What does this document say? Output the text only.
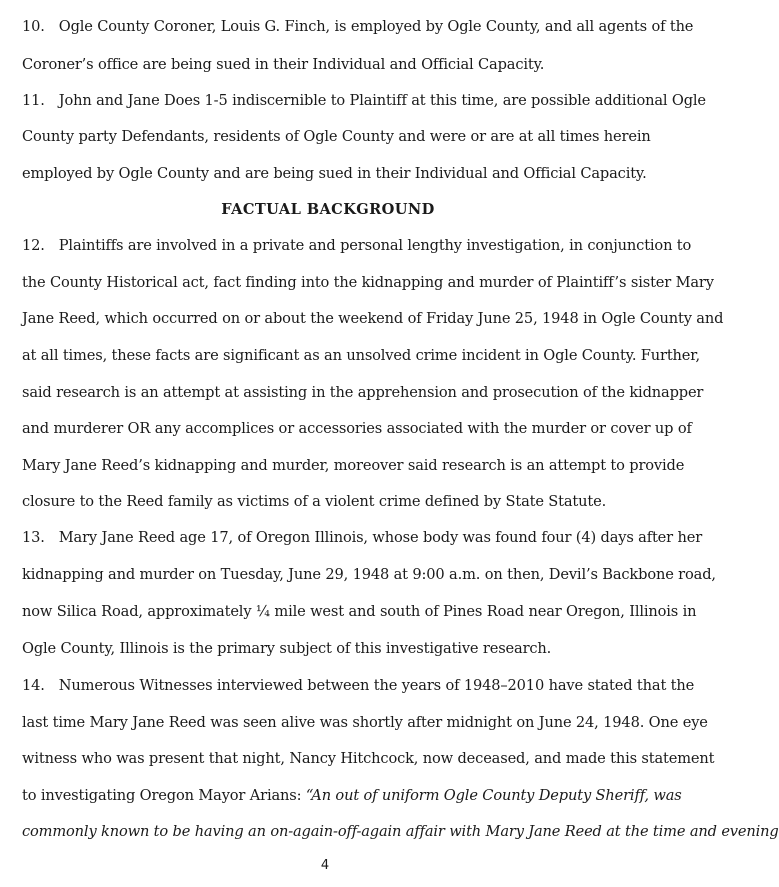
10. Ogle County Coroner, Louis G. Finch, is employed by Ogle County, and all agents of the
Coroner’s office are being sued in their Individual and Official Capacity.
11. John and Jane Does 1-5 indiscernible to Plaintiff at this time, are possible additional Ogle
County party Defendants, residents of Ogle County and were or are at all times herein
employed by Ogle County and are being sued in their Individual and Official Capacity.
FACTUAL BACKGROUND
12. Plaintiffs are involved in a private and personal lengthy investigation, in conjunction to
the County Historical act, fact finding into the kidnapping and murder of Plaintiff’s sister Mary
Jane Reed, which occurred on or about the weekend of Friday June 25, 1948 in Ogle County and
at all times, these facts are significant as an unsolved crime incident in Ogle County. Further,
said research is an attempt at assisting in the apprehension and prosecution of the kidnapper
and murderer OR any accomplices or accessories associated with the murder or cover up of
Mary Jane Reed’s kidnapping and murder, moreover said research is an attempt to provide
closure to the Reed family as victims of a violent crime defined by State Statute.
13. Mary Jane Reed age 17, of Oregon Illinois, whose body was found four (4) days after her
kidnapping and murder on Tuesday, June 29, 1948 at 9:00 a.m. on then, Devil’s Backbone road,
now Silica Road, approximately ¼ mile west and south of Pines Road near Oregon, Illinois in
Ogle County, Illinois is the primary subject of this investigative research.
14. Numerous Witnesses interviewed between the years of 1948–2010 have stated that the
last time Mary Jane Reed was seen alive was shortly after midnight on June 24, 1948. One eye
witness who was present that night, Nancy Hitchcock, now deceased, and made this statement
to investigating Oregon Mayor Arians: “An out of uniform Ogle County Deputy Sheriff, was
commonly known to be having an on-again-off-again affair with Mary Jane Reed at the time and evening
4
